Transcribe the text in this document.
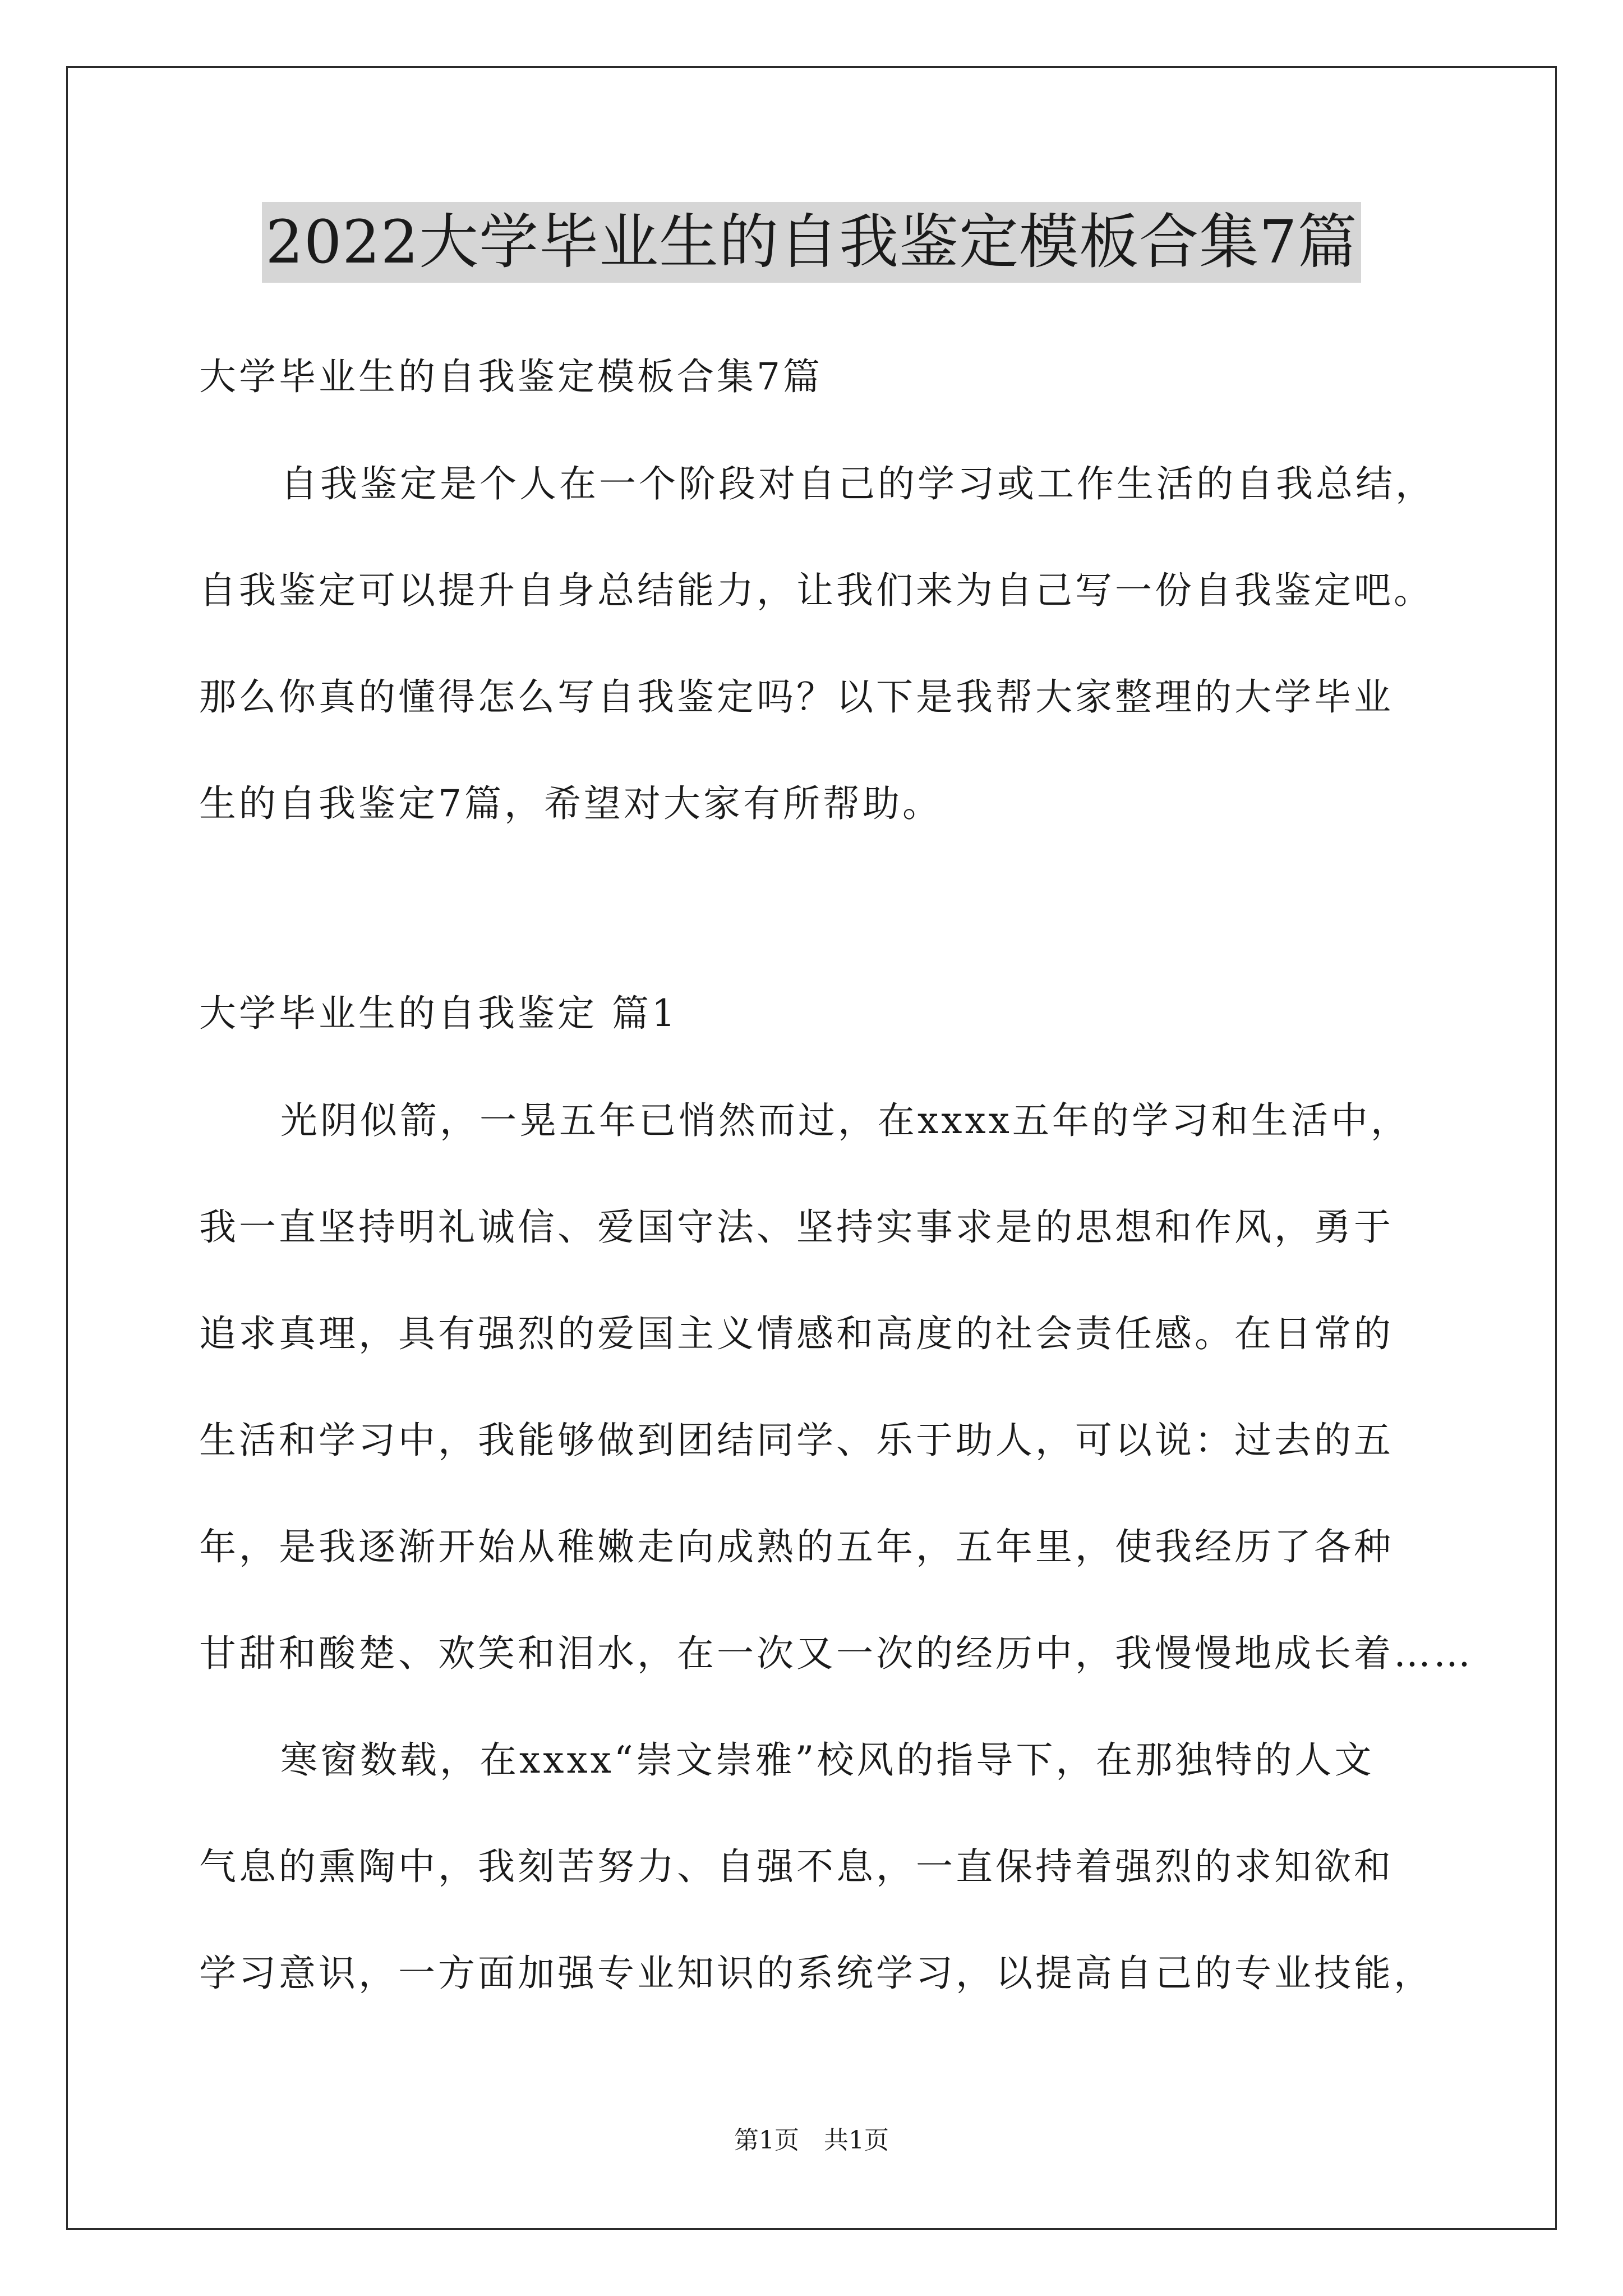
2022大学毕业生的自我鉴定模板合集7篇
大学毕业生的自我鉴定模板合集7篇
自我鉴定是个人在一个阶段对自己的学习或工作生活的自我总结，
自我鉴定可以提升自身总结能力，让我们来为自己写一份自我鉴定吧。
那么你真的懂得怎么写自我鉴定吗？以下是我帮大家整理的大学毕业
生的自我鉴定7篇，希望对大家有所帮助。
大学毕业生的自我鉴定 篇1
光阴似箭，一晃五年已悄然而过，在xxxx五年的学习和生活中，
我一直坚持明礼诚信、爱国守法、坚持实事求是的思想和作风，勇于
追求真理，具有强烈的爱国主义情感和高度的社会责任感。在日常的
生活和学习中，我能够做到团结同学、乐于助人，可以说：过去的五
年，是我逐渐开始从稚嫩走向成熟的五年，五年里，使我经历了各种
甘甜和酸楚、欢笑和泪水，在一次又一次的经历中，我慢慢地成长着……
寒窗数载，在xxxx“崇文崇雅”校风的指导下，在那独特的人文
气息的熏陶中，我刻苦努力、自强不息，一直保持着强烈的求知欲和
学习意识，一方面加强专业知识的系统学习，以提高自己的专业技能，
第1页 共1页
